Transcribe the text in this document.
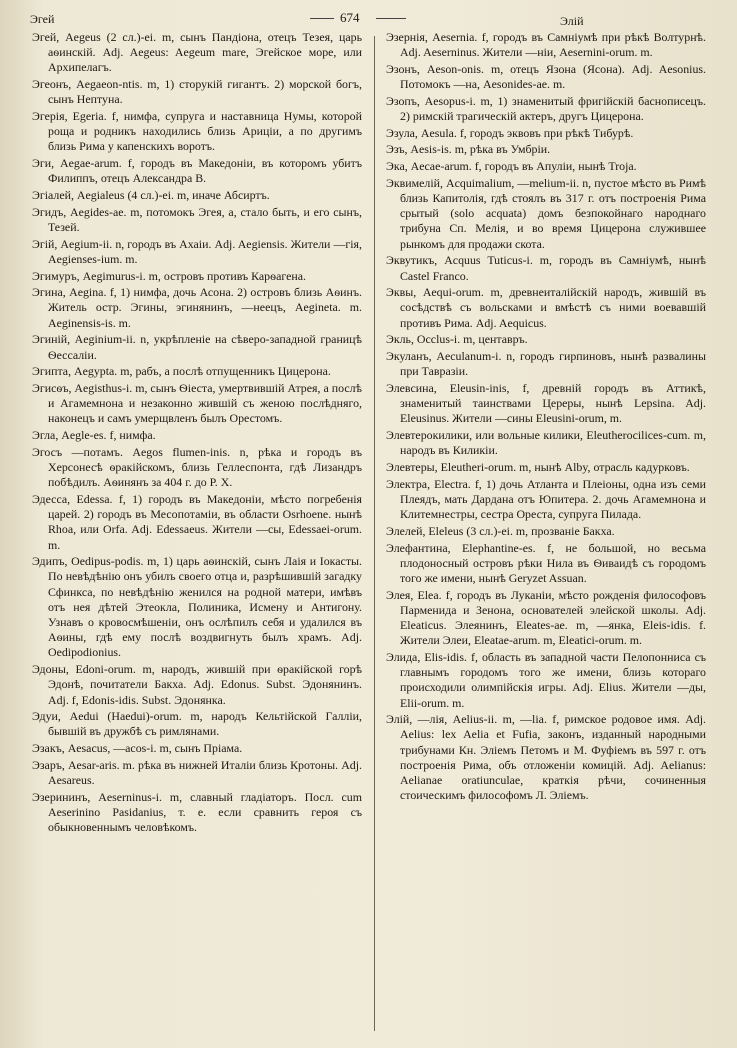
Эгей	674	Элій

Эгей, Aegeus (2 сл.)-ei. m, сынъ Пандіона, отецъ Тезея, царь аѳинскій. Adj. Aegeus: Aegeum mare, Эгейское море, или Архипелагъ.

Эгеонъ, Aegaeon-ntis. m, 1) сторукій гигантъ. 2) морской богъ, сынъ Нептуна.

Эгерія, Egeria. f, нимфа, супруга и наставница Нумы, которой роща и родникъ находились близь Арицiи, а по другимъ близь Рима у капенскихъ воротъ.

Эги, Aegae-arum. f, городъ въ Македоніи, въ которомъ убитъ Филиппъ, отецъ Александра В.

Эгіалей, Aegialeus (4 сл.)-ei. m, иначе Абсиртъ.

Эгидъ, Aegides-ae. m, потомокъ Эгея, а, стало быть, и его сынъ, Тезей.

Эгій, Aegium-ii. n, городъ въ Ахаіи. Adj. Aegiensis. Жители —гія, Aegienses-ium. m.

Эгимуръ, Aegimurus-i. m, островъ противъ Карѳагена.

Эгина, Aegina. f, 1) нимфа, дочь Асона. 2) островъ близь Аѳинъ. Житель остр. Эгины, эгинянинъ, —неецъ, Aegineta. m. Aeginensis-is. m.

Эгиній, Aeginium-ii. n, укрѣпленіе на сѣверо-западной границѣ Ѳессаліи.

Эгипта, Aegypta. m, рабъ, а послѣ отпущенникъ Цицерона.

Эгисѳъ, Aegisthus-i. m, сынъ Ѳіеста, умертвившій Атрея, а послѣ и Агамемнона и незаконно жившій съ женою послѣдняго, наконецъ и самъ умерщвленъ былъ Орестомъ.

Эгла, Aegle-es. f, нимфа.

Эгосъ —потамъ. Aegos flumen-inis. n, рѣка и городъ въ Херсонесѣ ѳракійскомъ, близь Геллеспонта, гдѣ Лизандръ побѣдилъ. Аѳинянъ за 404 г. до Р. Х.

Эдесса, Edessa. f, 1) городъ въ Македоніи, мѣсто погребенія царей. 2) городъ въ Месопотаміи, въ области Osrhoene. нынѣ Rhoa, или Orfa. Adj. Edessaeus. Жители —сы, Edessaei-orum. m.

Эдипъ, Oedipus-podis. m, 1) царь аѳинскій, сынъ Лаія и Іокасты. По невѣдѣнію онъ убилъ своего отца и, разрѣшившій загадку Сфинкса, по невѣдѣнію женился на родной матери, имѣвъ отъ нея дѣтей Этеокла, Полиника, Исмену и Антигону. Узнавъ о кровосмѣшеніи, онъ ослѣпилъ себя и удалился въ Аѳины, гдѣ ему послѣ воздвигнуть былъ храмъ. Adj. Oedipodionius.

Эдоны, Edoni-orum. m, народъ, жившій при ѳракійской горѣ Эдонѣ, почитатели Бакха. Adj. Edonus. Subst. Эдонянинъ. Adj. f, Edonis-idis. Subst. Эдонянка.

Эдуи, Aedui (Haedui)-orum. m, народъ Кельтійской Галліи, бывшій въ дружбѣ съ римлянами.

Эзакъ, Aesacus, —acos-i. m, сынъ Пріама.

Эзаръ, Aesar-aris. m. рѣка въ нижней Италіи близь Кротоны. Adj. Aesareus.

Эзерининъ, Aeserninus-i. m, славный гладіаторъ. Посл. cum Aeserinino Pasidanius, т. е. если сравнить героя съ обыкновеннымъ человѣкомъ.

Эзернія, Aesernia. f, городъ въ Самніумѣ при рѣкѣ Волтурнѣ. Adj. Aeserninus. Жители —ніи, Aeserninі-orum. m.

Эзонъ, Aeson-onis. m, отецъ Язона (Ясона). Adj. Aesonius. Потомокъ —на, Aesonides-ae. m.

Эзопъ, Aesopus-i. m, 1) знаменитый фригійскій баснописецъ. 2) римскій трагическій актеръ, другъ Цицерона.

Эзула, Aesula. f, городъ эквовъ при рѣкѣ Тибурѣ.

Эзъ, Aesis-is. m, рѣка въ Умбріи.

Эка, Aecae-arum. f, городъ въ Апуліи, нынѣ Troja.

Эквимелій, Acquimalium, —melium-ii. n, пустое мѣсто въ Римѣ близь Капитолія, гдѣ стоялъ въ 317 г. отъ построенія Рима срытый (solo acquata) домъ безпокойнаго народнаго трибуна Сп. Мелія, и во время Цицерона служившее рынкомъ для продажи скота.

Эквутикъ, Acquus Tuticus-i. m, городъ въ Самніумѣ, нынѣ Castel Franco.

Эквы, Aequi-orum. m, древнеиталійскій народъ, жившій въ сосѣдствѣ съ вольсками и вмѣстѣ съ ними воевавшій противъ Рима. Adj. Aequicus.

Экль, Occlus-i. m, центавръ.

Экуланъ, Aeculanum-i. n, городъ гирпиновъ, нынѣ развалины при Тавразіи.

Элевсина, Eleusin-inis, f, древній городъ въ Аттикѣ, знаменитый таинствами Цереры, нынѣ Lepsina. Adj. Eleusinus. Жители —сины Eleusini-orum, m.

Элевтерокилики, или вольные килики, Eleutherocilices-cum. m, народъ въ Киликіи.

Элевтеры, Eleutheri-orum. m, нынѣ Alby, отрасль кадурковъ.

Электра, Electra. f, 1) дочь Атланта и Плеіоны, одна изъ семи Плеядъ, мать Дардана отъ Юпитера. 2. дочь Агамемнона и Клитемнестры, сестра Ореста, супруга Пилада.

Элелей, Eleleus (3 сл.)-ei. m, прозваніе Бакха.

Элефантина, Elephantine-es. f, не большой, но весьма плодоносный островъ рѣки Нила въ Ѳиваидѣ съ городомъ того же имени, нынѣ Geryzet Assuan.

Элея, Elea. f, городъ въ Луканіи, мѣсто рожденія философовъ Парменида и Зенона, основателей элейской школы. Adj. Eleaticus. Элеянинъ, Eleates-ae. m, —янка, Eleis-idis. f. Жители Элеи, Eleatae-arum. m, Eleatici-orum. m.

Элида, Elis-idis. f, область въ западной части Пелопонниса съ главнымъ городомъ того же имени, близь котораго происходили олимпійскія игры. Adj. Elius. Жители —ды, Elii-orum. m.

Элій, —лія, Aelius-ii. m, —lia. f, римское родовое имя. Adj. Aelius: lex Aelia et Fufia, законъ, изданный народными трибунами Кн. Эліемъ Петомъ и М. Фуфіемъ въ 597 г. отъ построенія Рима, объ отложеніи комицій. Adj. Aelianus: Aelianae oratiunculae, краткія рѣчи, сочиненныя стоическимъ философомъ Л. Эліемъ.
